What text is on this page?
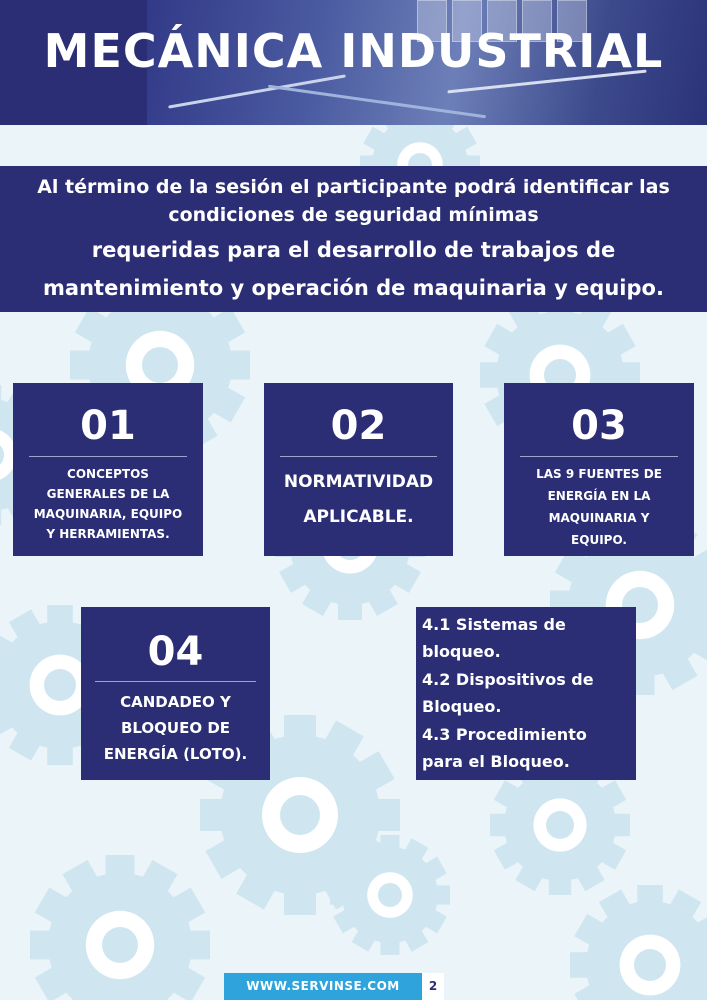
MECÁNICA INDUSTRIAL
Al término de la sesión el participante podrá identificar las
condiciones de seguridad mínimas
requeridas para el desarrollo de trabajos de
mantenimiento y operación de maquinaria y equipo.
01
CONCEPTOS
GENERALES DE LA
MAQUINARIA, EQUIPO
Y HERRAMIENTAS.
02
NORMATIVIDAD
APLICABLE.
03
LAS 9 FUENTES DE
ENERGÍA EN LA
MAQUINARIA Y
EQUIPO.
04
CANDADEO Y
BLOQUEO DE
ENERGÍA (LOTO).
4.1 Sistemas de
bloqueo.
4.2 Dispositivos de
Bloqueo.
4.3 Procedimiento
para el Bloqueo.
WWW.SERVINSE.COM	2
